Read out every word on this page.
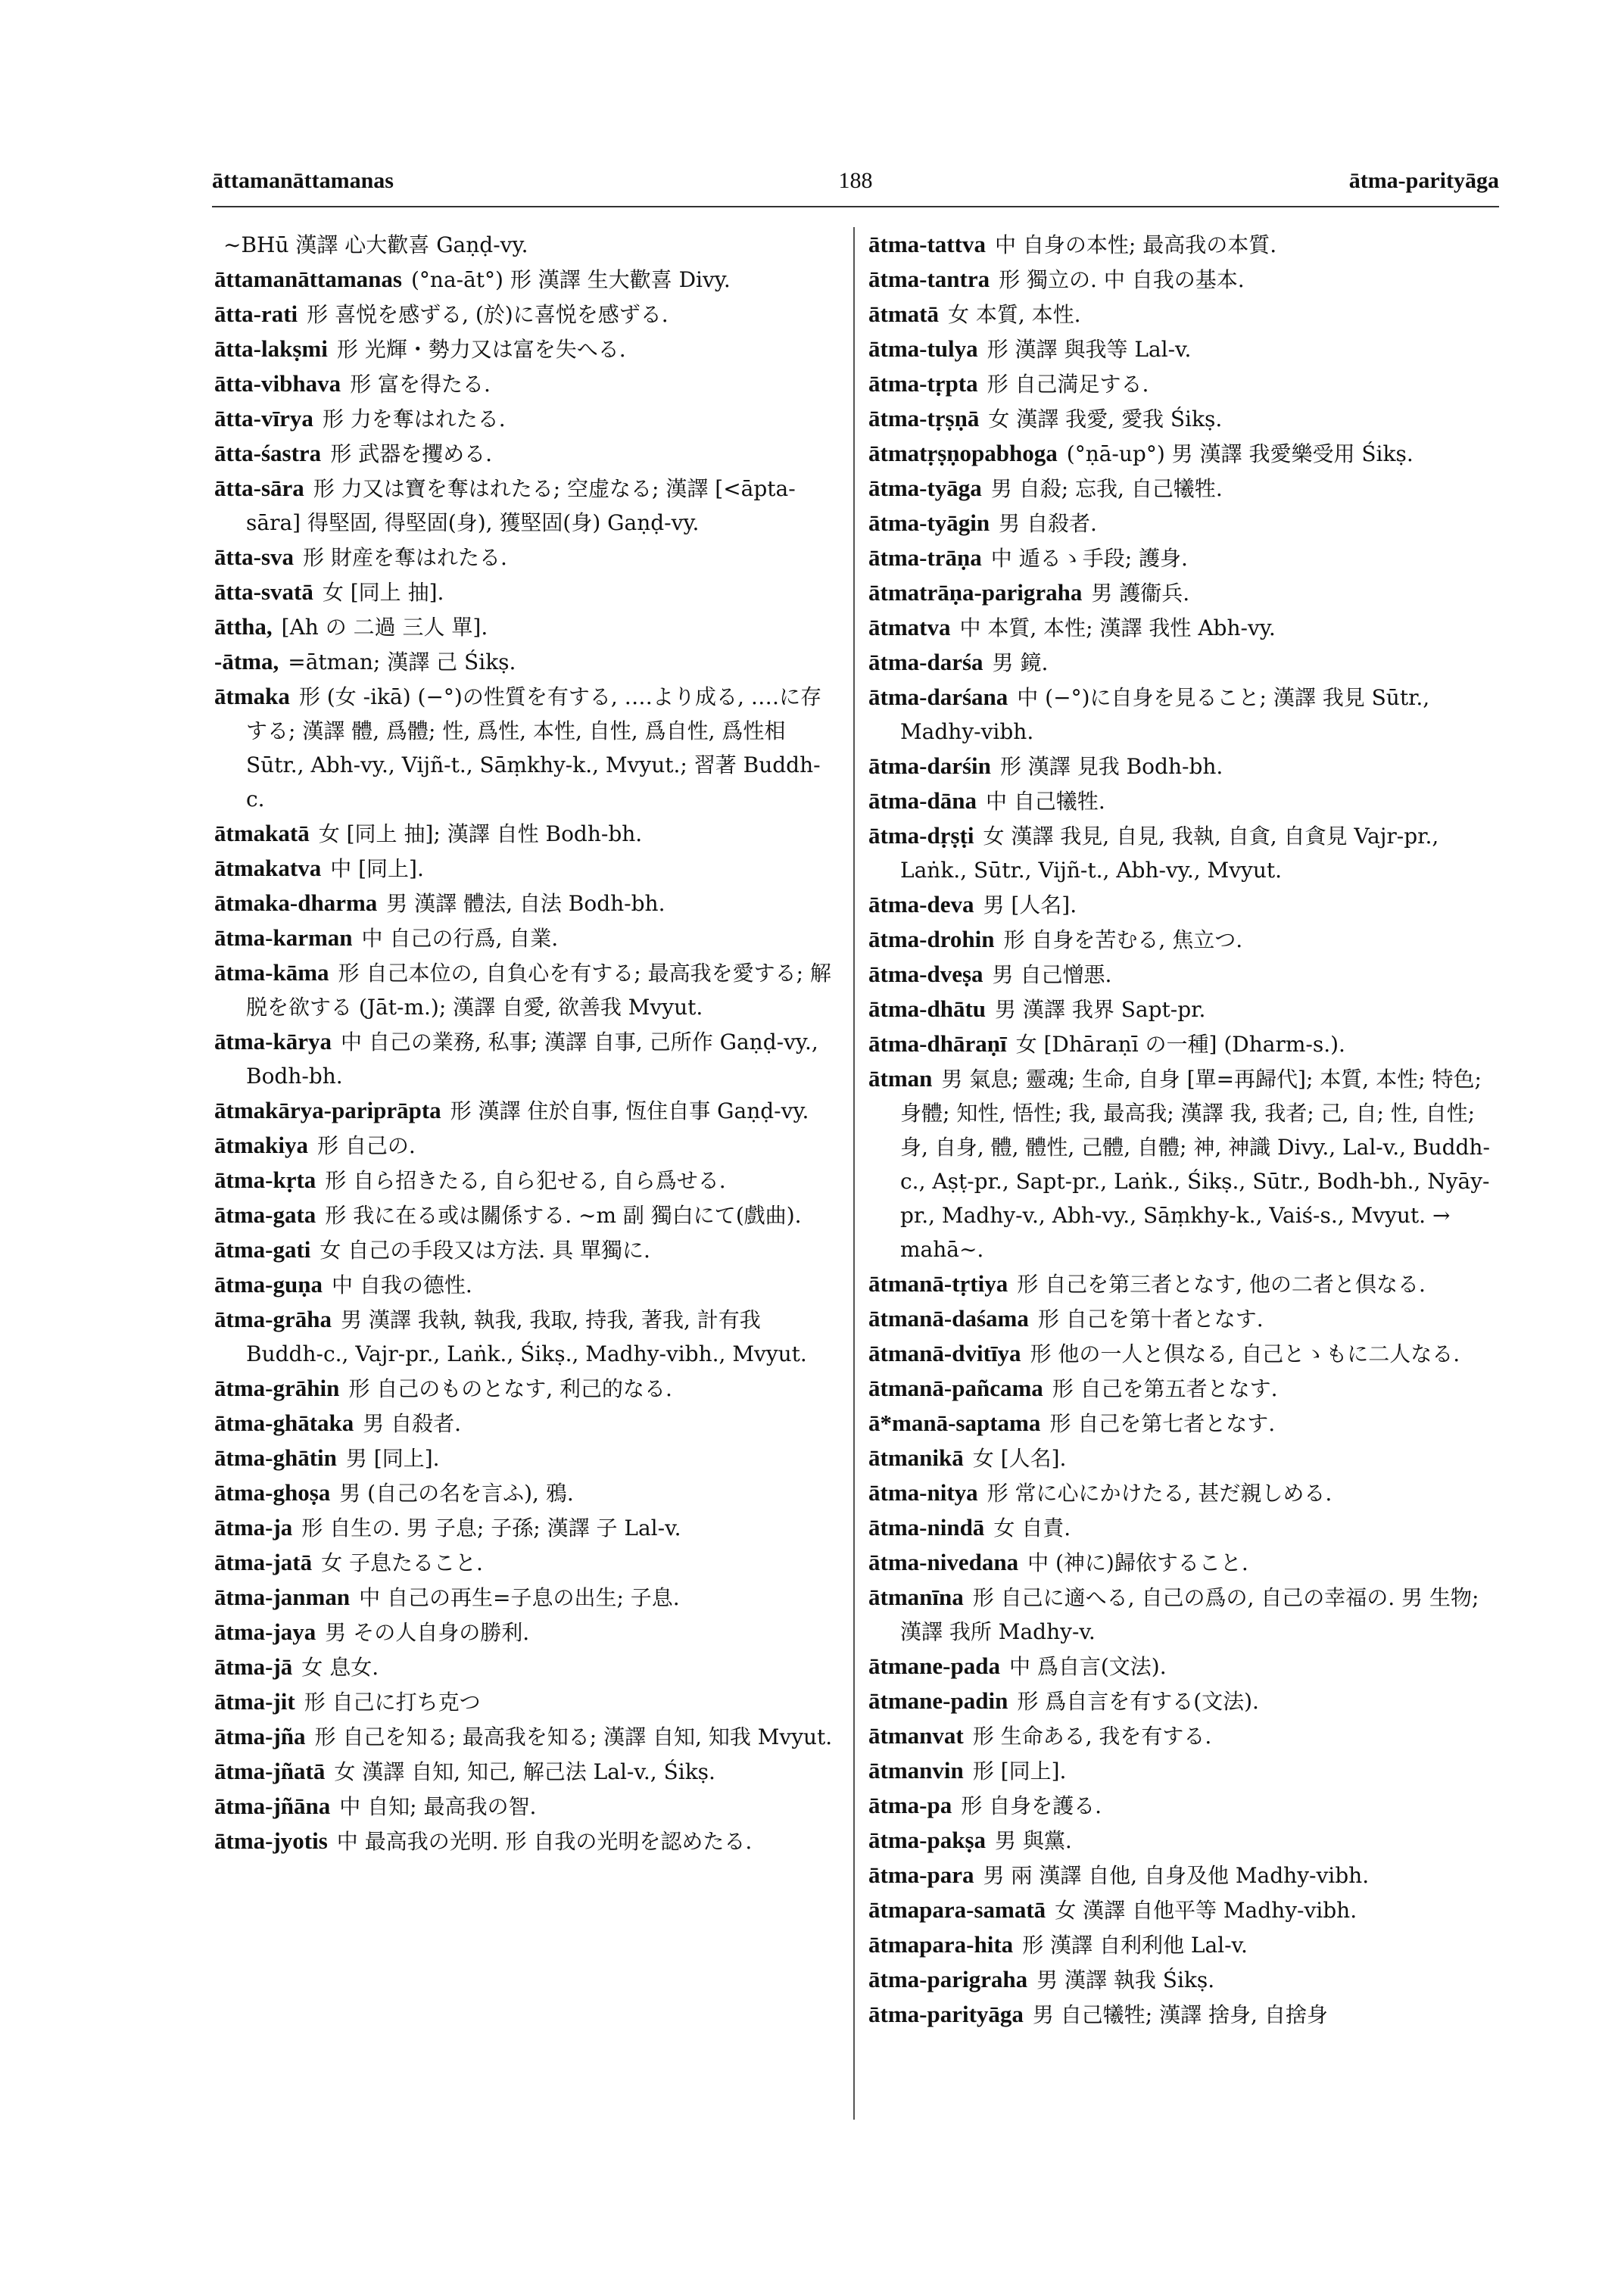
āttamanāttamanas	188	ātma-parityāga

∼BHū 漢譯 心大歡喜 Gaṇḍ-vy.

āttamanāttamanas (°na-āt°) 形 漢譯 生大歡喜 Divy.

ātta-rati 形 喜悦を感ずる, (於)に喜悦を感ずる.

ātta-lakṣmi 形 光輝・勢力又は富を失へる.

ātta-vibhava 形 富を得たる.

ātta-vīrya 形 力を奪はれたる.

ātta-śastra 形 武器を攫める.

ātta-sāra 形 力又は寶を奪はれたる; 空虚なる; 漢譯 [<āpta-sāra] 得堅固, 得堅固(身), 獲堅固(身) Gaṇḍ-vy.

ātta-sva 形 財産を奪はれたる.

ātta-svatā 女 [同上 抽].

āttha, [Ah の 二過 三人 單].

-ātma, =ātman; 漢譯 己 Śikṣ.

ātmaka 形 (女 -ikā) (−°)の性質を有する, ‥‥より成る, ‥‥に存する; 漢譯 體, 爲體; 性, 爲性, 本性, 自性, 爲自性, 爲性相 Sūtr., Abh-vy., Vijñ-t., Sāṃkhy-k., Mvyut.; 習著 Buddh-c.

ātmakatā 女 [同上 抽]; 漢譯 自性 Bodh-bh.

ātmakatva 中 [同上].

ātmaka-dharma 男 漢譯 體法, 自法 Bodh-bh.

ātma-karman 中 自己の行爲, 自業.

ātma-kāma 形 自己本位の, 自負心を有する; 最高我を愛する; 解脱を欲する (Jāt-m.); 漢譯 自愛, 欲善我 Mvyut.

ātma-kārya 中 自己の業務, 私事; 漢譯 自事, 己所作 Gaṇḍ-vy., Bodh-bh.

ātmakārya-pariprāpta 形 漢譯 住於自事, 恆住自事 Gaṇḍ-vy.

ātmakiya 形 自己の.

ātma-kṛta 形 自ら招きたる, 自ら犯せる, 自ら爲せる.

ātma-gata 形 我に在る或は關係する. ∼m 副 獨白にて(戲曲).

ātma-gati 女 自己の手段又は方法. 具 單獨に.

ātma-guṇa 中 自我の德性.

ātma-grāha 男 漢譯 我執, 執我, 我取, 持我, 著我, 計有我 Buddh-c., Vajr-pr., Laṅk., Śikṣ., Madhy-vibh., Mvyut.

ātma-grāhin 形 自己のものとなす, 利己的なる.

ātma-ghātaka 男 自殺者.

ātma-ghātin 男 [同上].

ātma-ghoṣa 男 (自己の名を言ふ), 鴉.

ātma-ja 形 自生の. 男 子息; 子孫; 漢譯 子 Lal-v.

ātma-jatā 女 子息たること.

ātma-janman 中 自己の再生=子息の出生; 子息.

ātma-jaya 男 その人自身の勝利.

ātma-jā 女 息女.

ātma-jit 形 自己に打ち克つ

ātma-jña 形 自己を知る; 最高我を知る; 漢譯 自知, 知我 Mvyut.

ātma-jñatā 女 漢譯 自知, 知己, 解己法 Lal-v., Śikṣ.

ātma-jñāna 中 自知; 最高我の智.

ātma-jyotis 中 最高我の光明. 形 自我の光明を認めたる.

ātma-tattva 中 自身の本性; 最高我の本質.

ātma-tantra 形 獨立の. 中 自我の基本.

ātmatā 女 本質, 本性.

ātma-tulya 形 漢譯 與我等 Lal-v.

ātma-tṛpta 形 自己満足する.

ātma-tṛṣṇā 女 漢譯 我愛, 愛我 Śikṣ.

ātmatṛṣṇopabhoga (°ṇā-up°) 男 漢譯 我愛樂受用 Śikṣ.

ātma-tyāga 男 自殺; 忘我, 自己犧牲.

ātma-tyāgin 男 自殺者.

ātma-trāṇa 中 遁るゝ手段; 護身.

ātmatrāṇa-parigraha 男 護衞兵.

ātmatva 中 本質, 本性; 漢譯 我性 Abh-vy.

ātma-darśa 男 鏡.

ātma-darśana 中 (−°)に自身を見ること; 漢譯 我見 Sūtr., Madhy-vibh.

ātma-darśin 形 漢譯 見我 Bodh-bh.

ātma-dāna 中 自己犧牲.

ātma-dṛṣṭi 女 漢譯 我見, 自見, 我執, 自貪, 自貪見 Vajr-pr., Laṅk., Sūtr., Vijñ-t., Abh-vy., Mvyut.

ātma-deva 男 [人名].

ātma-drohin 形 自身を苦むる, 焦立つ.

ātma-dveṣa 男 自己憎悪.

ātma-dhātu 男 漢譯 我界 Sapt-pr.

ātma-dhāraṇī 女 [Dhāraṇī の一種] (Dharm-s.).

ātman 男 氣息; 靈魂; 生命, 自身 [單=再歸代]; 本質, 本性; 特色; 身體; 知性, 悟性; 我, 最高我; 漢譯 我, 我者; 己, 自; 性, 自性; 身, 自身, 體, 體性, 己體, 自體; 神, 神識 Divy., Lal-v., Buddh-c., Aṣṭ-pr., Sapt-pr., Laṅk., Śikṣ., Sūtr., Bodh-bh., Nyāy-pr., Madhy-v., Abh-vy., Sāṃkhy-k., Vaiś-s., Mvyut. → mahā∼.

ātmanā-tṛtiya 形 自己を第三者となす, 他の二者と倶なる.

ātmanā-daśama 形 自己を第十者となす.

ātmanā-dvitīya 形 他の一人と倶なる, 自己とゝもに二人なる.

ātmanā-pañcama 形 自己を第五者となす.

ā*manā-saptama 形 自己を第七者となす.

ātmanikā 女 [人名].

ātma-nitya 形 常に心にかけたる, 甚だ親しめる.

ātma-nindā 女 自責.

ātma-nivedana 中 (神に)歸依すること.

ātmanīna 形 自己に適へる, 自己の爲の, 自己の幸福の. 男 生物; 漢譯 我所 Madhy-v.

ātmane-pada 中 爲自言(文法).

ātmane-padin 形 爲自言を有する(文法).

ātmanvat 形 生命ある, 我を有する.

ātmanvin 形 [同上].

ātma-pa 形 自身を護る.

ātma-pakṣa 男 與黨.

ātma-para 男 兩 漢譯 自他, 自身及他 Madhy-vibh.

ātmapara-samatā 女 漢譯 自他平等 Madhy-vibh.

ātmapara-hita 形 漢譯 自利利他 Lal-v.

ātma-parigraha 男 漢譯 執我 Śikṣ.

ātma-parityāga 男 自己犧牲; 漢譯 捨身, 自捨身
